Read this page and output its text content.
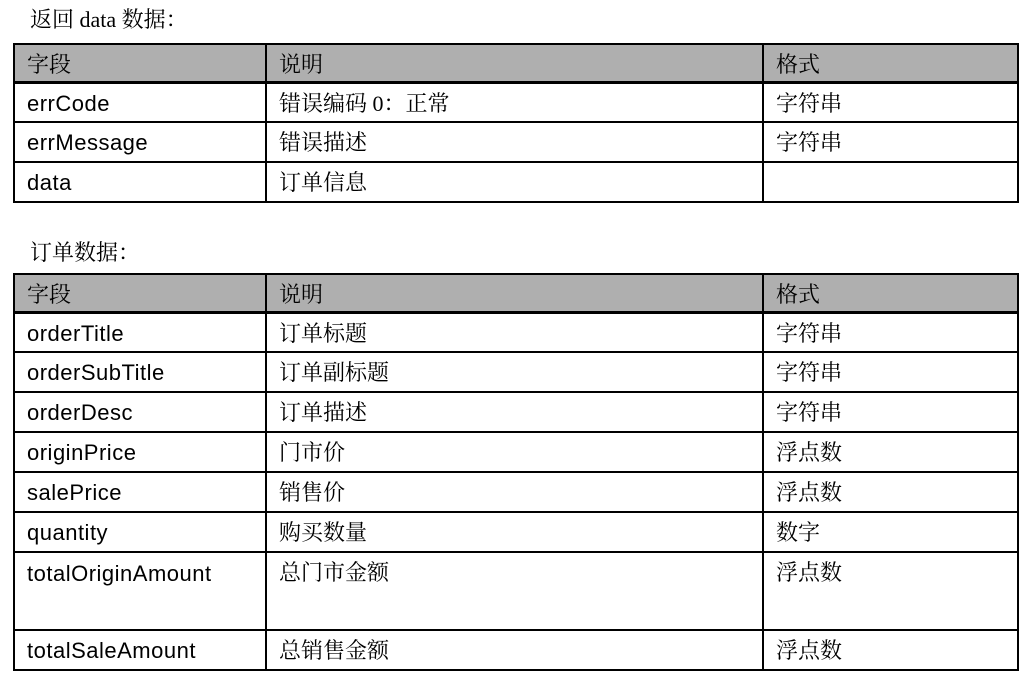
返回 data 数据：
字段	说明	格式
errCode	错误编码 0：正常	字符串
errMessage	错误描述	字符串
data	订单信息	
订单数据：
字段	说明	格式
orderTitle	订单标题	字符串
orderSubTitle	订单副标题	字符串
orderDesc	订单描述	字符串
originPrice	门市价	浮点数
salePrice	销售价	浮点数
quantity	购买数量	数字
totalOriginAmount	总门市金额	浮点数
totalSaleAmount	总销售金额	浮点数
